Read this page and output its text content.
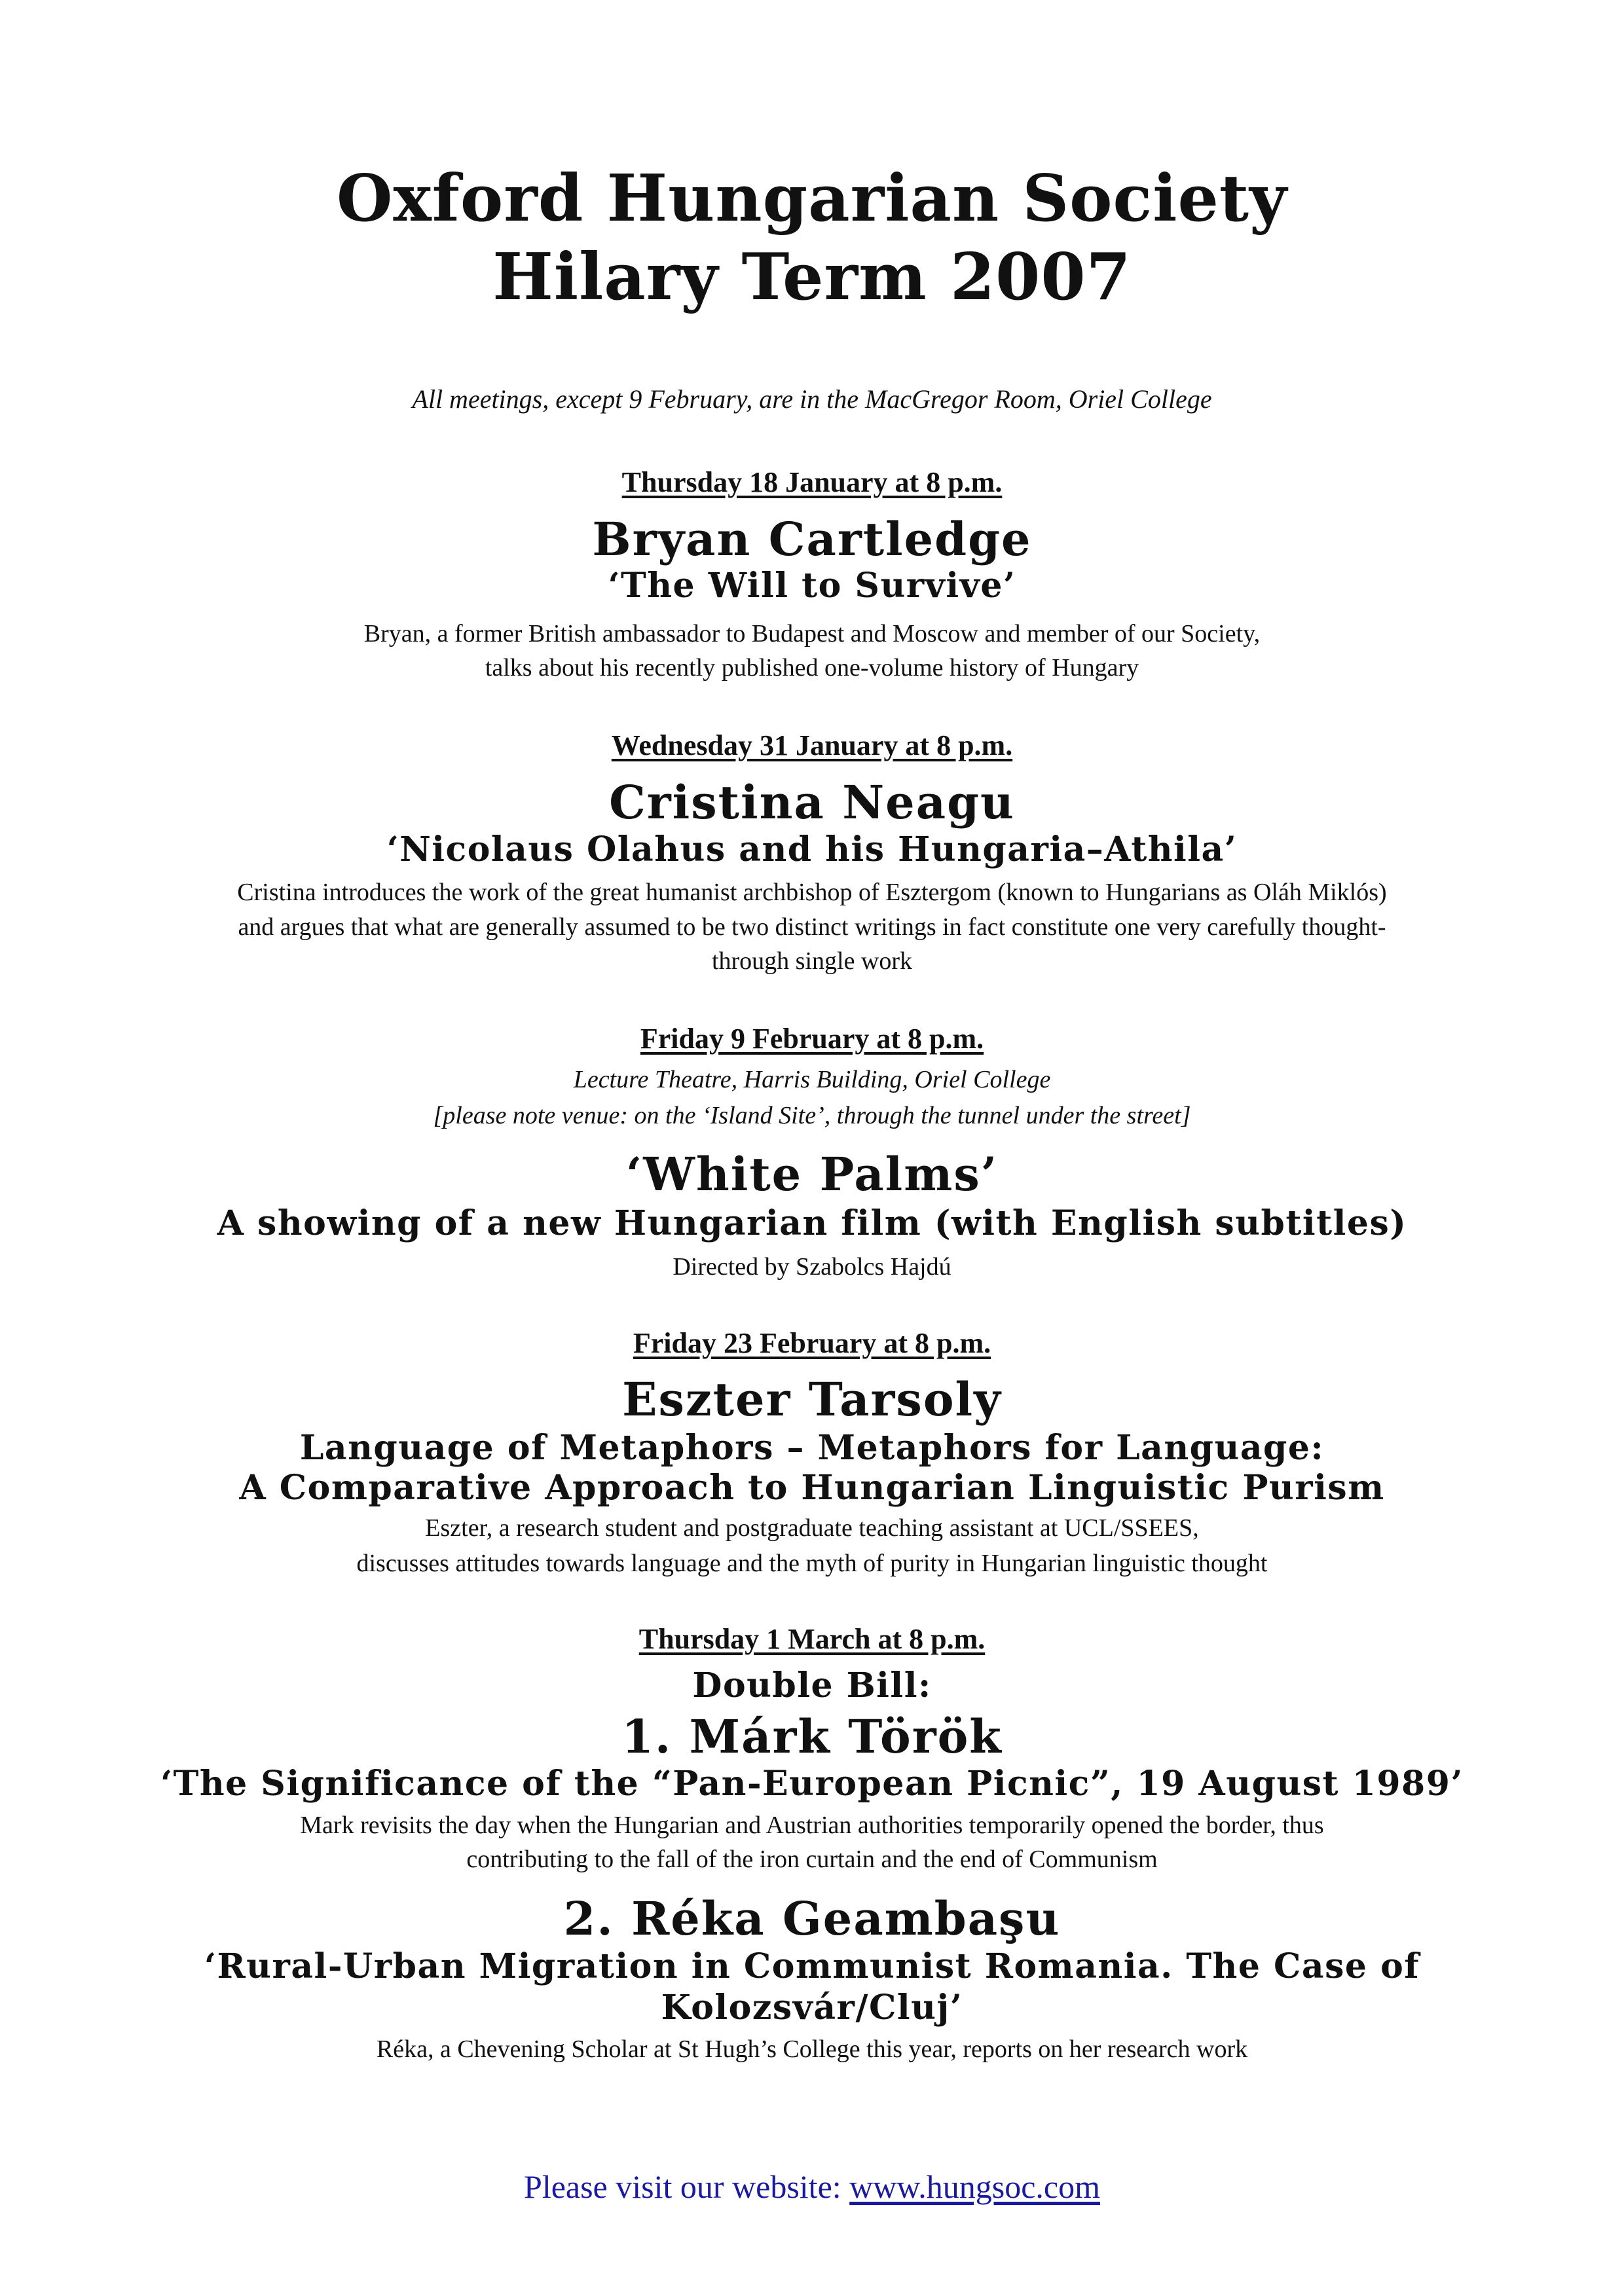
Oxford Hungarian Society
Hilary Term 2007
All meetings, except 9 February, are in the MacGregor Room, Oriel College
Thursday 18 January at 8 p.m.
Bryan Cartledge
‘The Will to Survive’
Bryan, a former British ambassador to Budapest and Moscow and member of our Society,
talks about his recently published one-volume history of Hungary
Wednesday 31 January at 8 p.m.
Cristina Neagu
‘Nicolaus Olahus and his Hungaria–Athila’
Cristina introduces the work of the great humanist archbishop of Esztergom (known to Hungarians as Oláh Miklós)
and argues that what are generally assumed to be two distinct writings in fact constitute one very carefully thought-
through single work
Friday 9 February at 8 p.m.
Lecture Theatre, Harris Building, Oriel College
[please note venue: on the ‘Island Site’, through the tunnel under the street]
‘White Palms’
A showing of a new Hungarian film (with English subtitles)
Directed by Szabolcs Hajdú
Friday 23 February at 8 p.m.
Eszter Tarsoly
Language of Metaphors – Metaphors for Language:
A Comparative Approach to Hungarian Linguistic Purism
Eszter, a research student and postgraduate teaching assistant at UCL/SSEES,
discusses attitudes towards language and the myth of purity in Hungarian linguistic thought
Thursday 1 March at 8 p.m.
Double Bill:
1. Márk Török
‘The Significance of the “Pan-European Picnic”, 19 August 1989’
Mark revisits the day when the Hungarian and Austrian authorities temporarily opened the border, thus
contributing to the fall of the iron curtain and the end of Communism
2. Réka Geambaşu
‘Rural-Urban Migration in Communist Romania. The Case of
Kolozsvár/Cluj’
Réka, a Chevening Scholar at St Hugh’s College this year, reports on her research work
Please visit our website: www.hungsoc.com
